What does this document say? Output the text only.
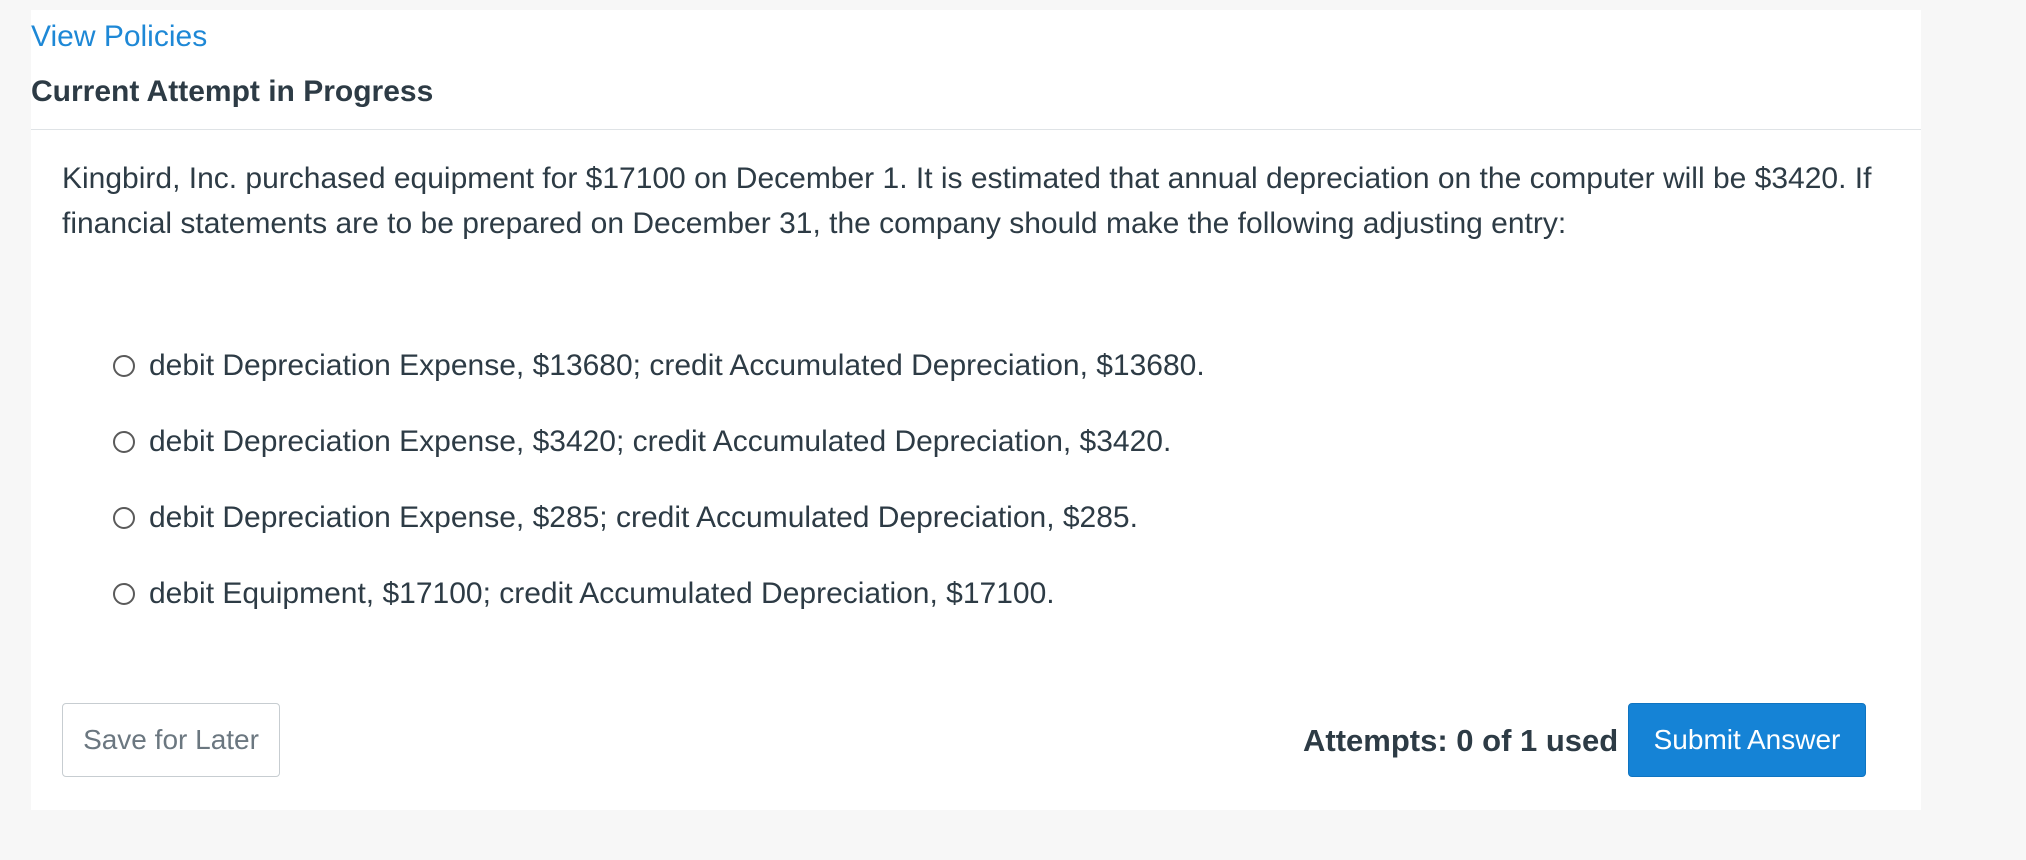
View Policies
Current Attempt in Progress

Kingbird, Inc. purchased equipment for $17100 on December 1. It is estimated that annual depreciation on the computer will be $3420. If financial statements are to be prepared on December 31, the company should make the following adjusting entry:

debit Depreciation Expense, $13680; credit Accumulated Depreciation, $13680.
debit Depreciation Expense, $3420; credit Accumulated Depreciation, $3420.
debit Depreciation Expense, $285; credit Accumulated Depreciation, $285.
debit Equipment, $17100; credit Accumulated Depreciation, $17100.
Save for Later	Attempts: 0 of 1 used	Submit Answer
